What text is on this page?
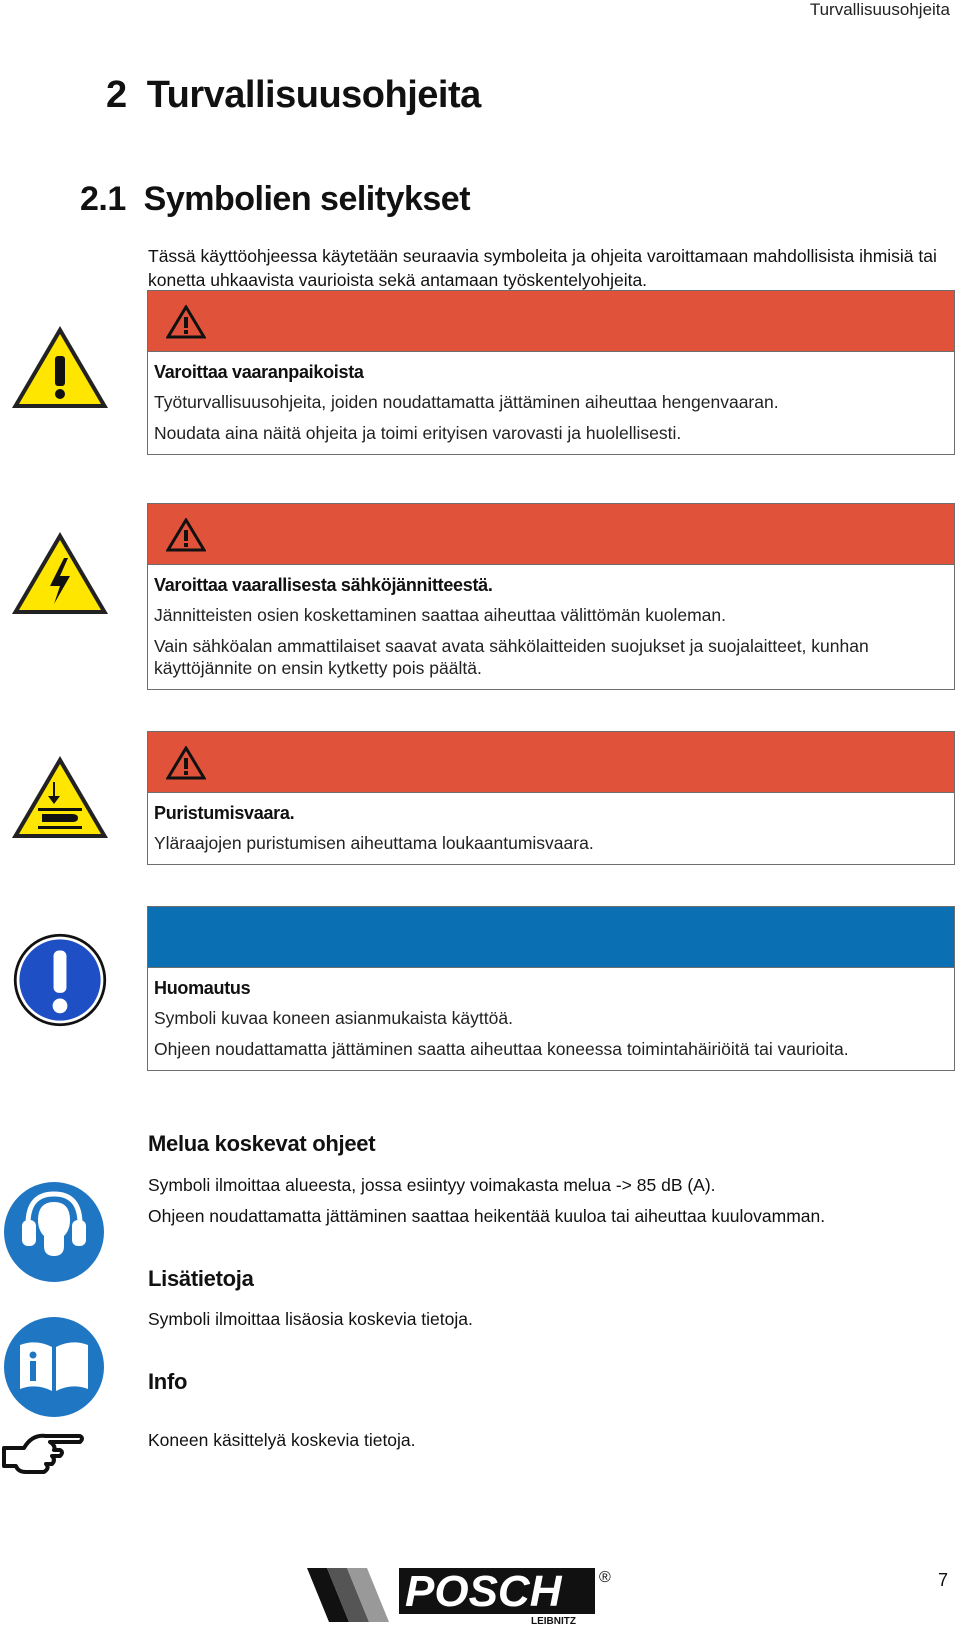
Turvallisuusohjeita
2 Turvallisuusohjeita
2.1 Symbolien selitykset
Tässä käyttöohjeessa käytetään seuraavia symboleita ja ohjeita varoittamaan mahdollisista ihmisiä tai konetta uhkaavista vaurioista sekä antamaan työskentelyohjeita.
Varoittaa vaaranpaikoista
Työturvallisuusohjeita, joiden noudattamatta jättäminen aiheuttaa hengenvaaran.
Noudata aina näitä ohjeita ja toimi erityisen varovasti ja huolellisesti.
Varoittaa vaarallisesta sähköjännitteestä.
Jännitteisten osien koskettaminen saattaa aiheuttaa välittömän kuoleman.
Vain sähköalan ammattilaiset saavat avata sähkölaitteiden suojukset ja suojalaitteet, kunhan käyttöjännite on ensin kytketty pois päältä.
Puristumisvaara.
Yläraajojen puristumisen aiheuttama loukaantumisvaara.
Huomautus
Symboli kuvaa koneen asianmukaista käyttöä.
Ohjeen noudattamatta jättäminen saatta aiheuttaa koneessa toimintahäiriöitä tai vaurioita.
Melua koskevat ohjeet
Symboli ilmoittaa alueesta, jossa esiintyy voimakasta melua -> 85 dB (A).
Ohjeen noudattamatta jättäminen saattaa heikentää kuuloa tai aiheuttaa kuulovamman.
Lisätietoja
Symboli ilmoittaa lisäosia koskevia tietoja.
Info
Koneen käsittelyä koskevia tietoja.
POSCH
LEIBNITZ
®	7
